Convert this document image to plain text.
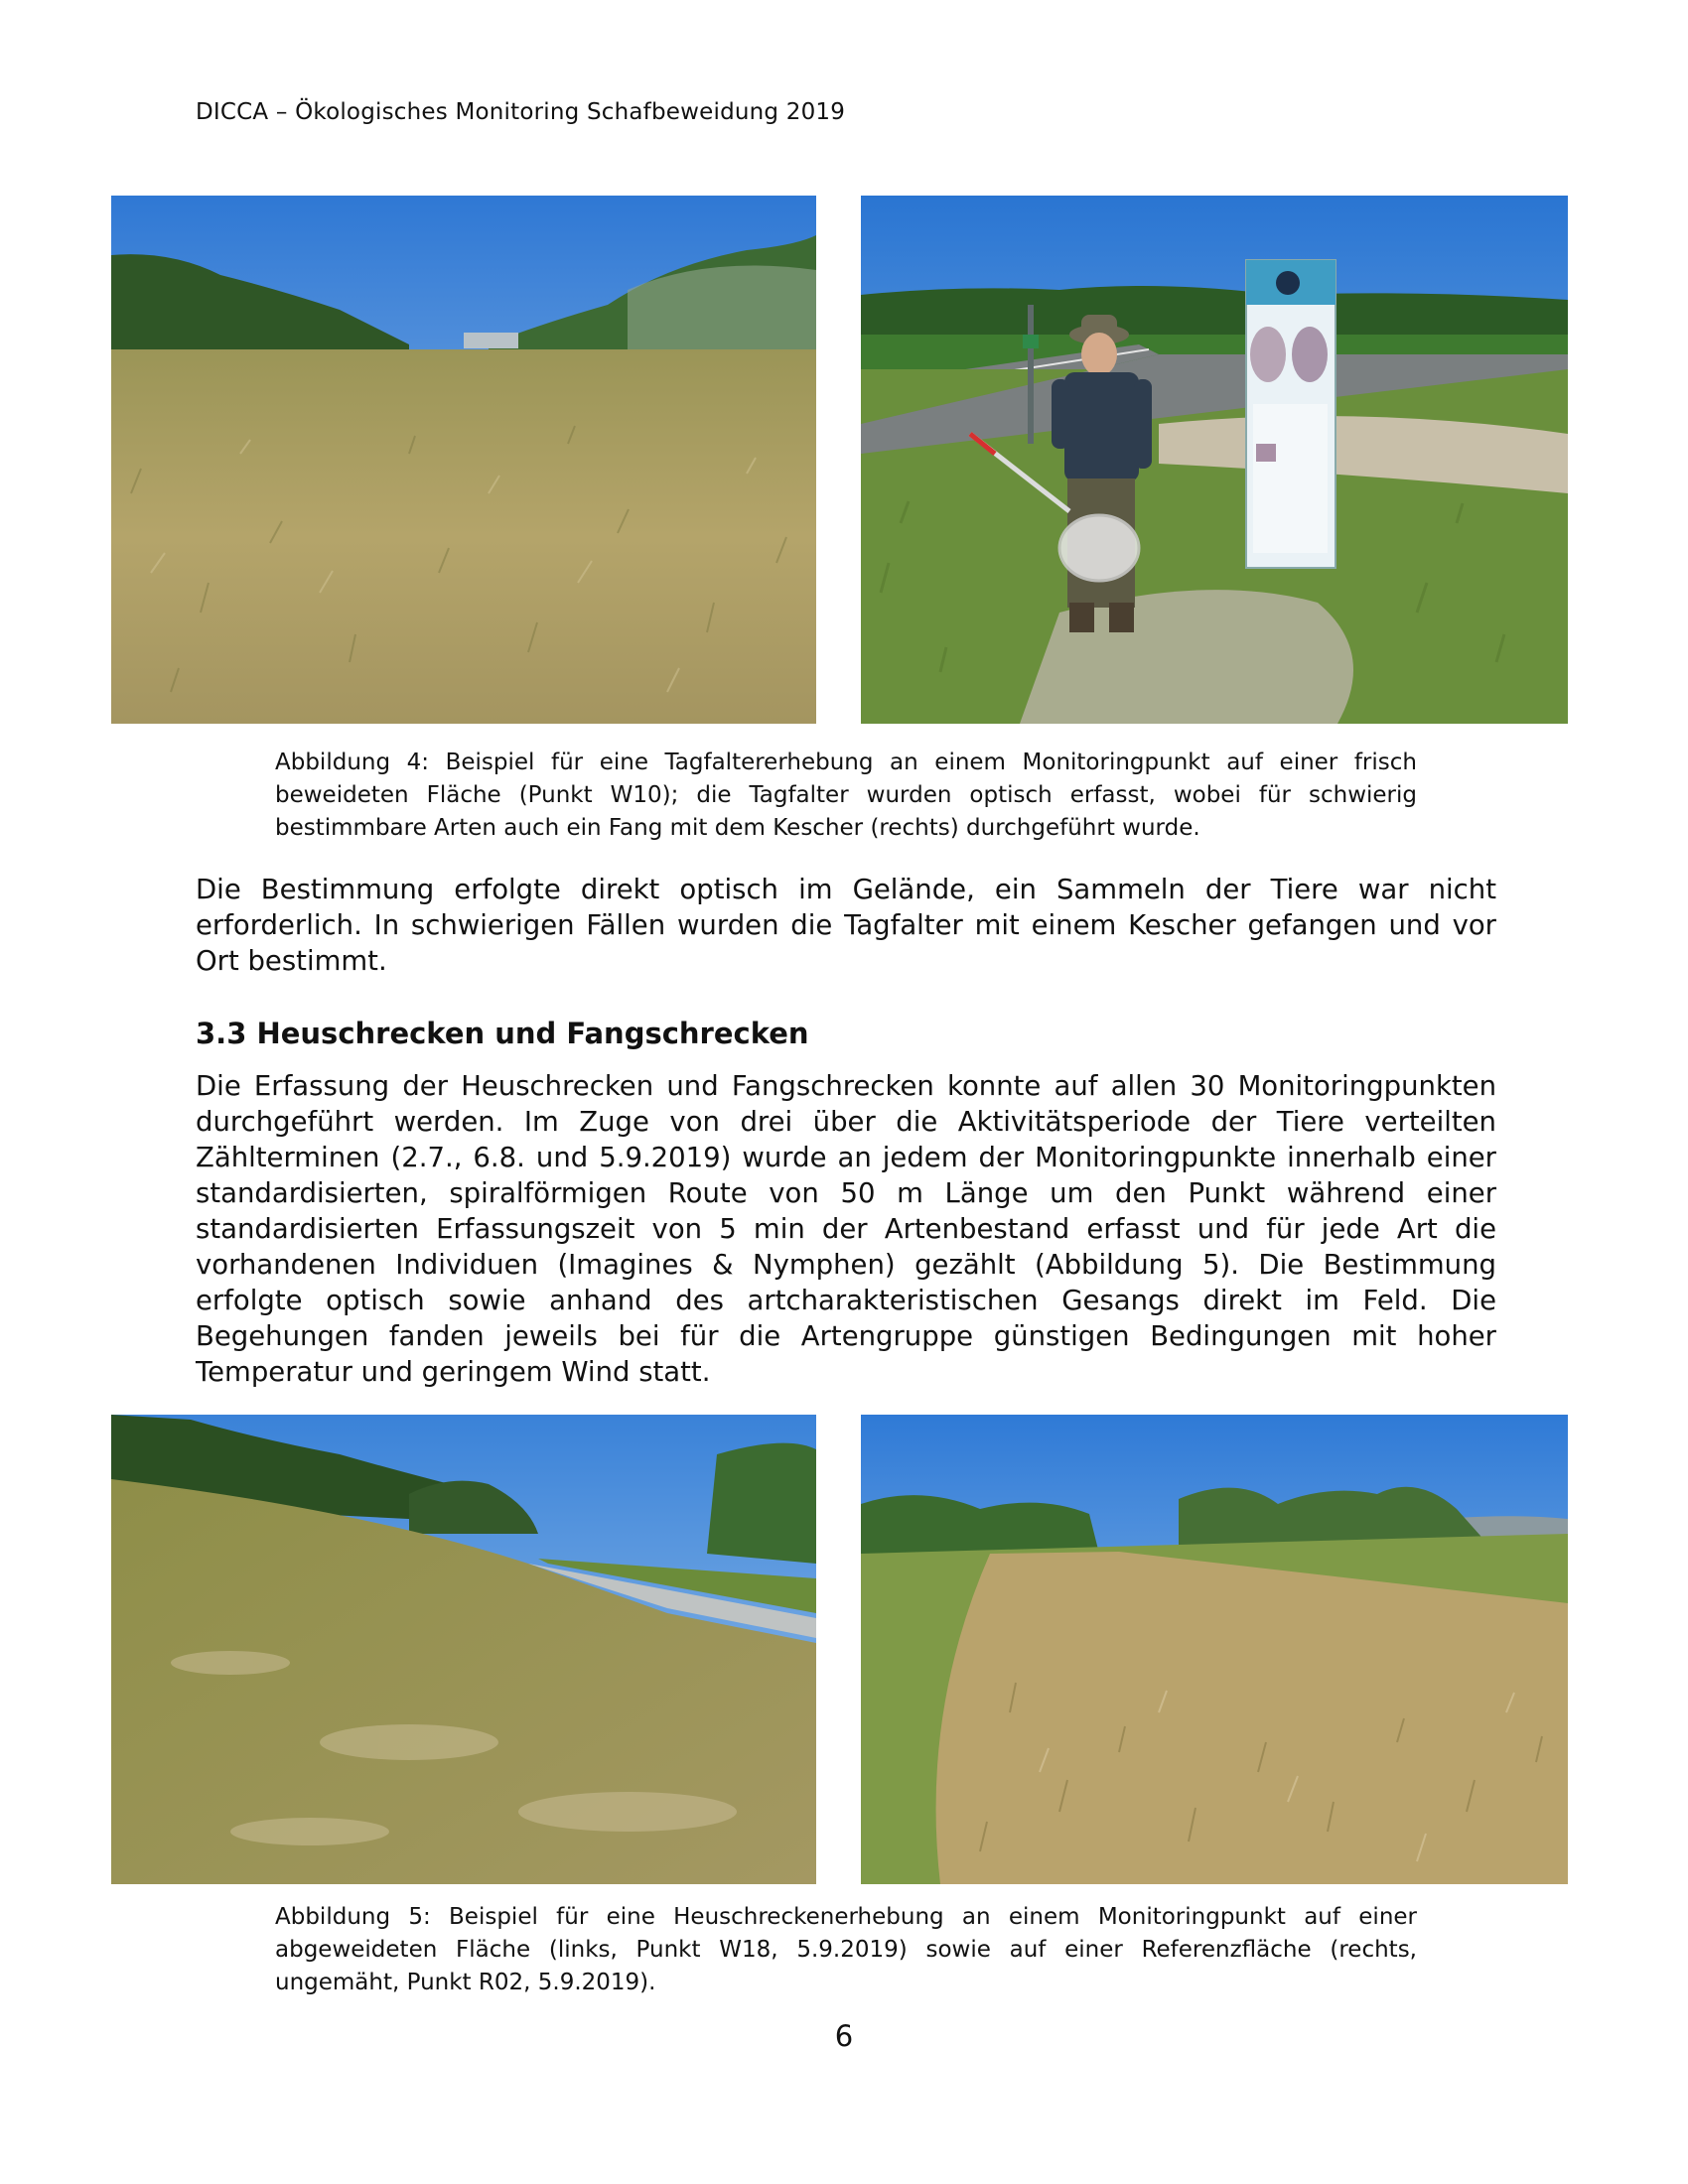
DICCA – Ökologisches Monitoring Schafbeweidung 2019
Abbildung 4: Beispiel für eine Tagfaltererhebung an einem Monitoringpunkt auf einer frisch beweideten Fläche (Punkt W10); die Tagfalter wurden optisch erfasst, wobei für schwierig bestimmbare Arten auch ein Fang mit dem Kescher (rechts) durchgeführt wurde.
Die Bestimmung erfolgte direkt optisch im Gelände, ein Sammeln der Tiere war nicht erforderlich. In schwierigen Fällen wurden die Tagfalter mit einem Kescher gefangen und vor Ort bestimmt.
3.3 Heuschrecken und Fangschrecken
Die Erfassung der Heuschrecken und Fangschrecken konnte auf allen 30 Monitoringpunkten durchgeführt werden. Im Zuge von drei über die Aktivitätsperiode der Tiere verteilten Zählterminen (2.7., 6.8. und 5.9.2019) wurde an jedem der Monitoringpunkte innerhalb einer standardisierten, spiralförmigen Route von 50 m Länge um den Punkt während einer standardisierten Erfassungszeit von 5 min der Artenbestand erfasst und für jede Art die vorhandenen Individuen (Imagines & Nymphen) gezählt (Abbildung 5). Die Bestimmung erfolgte optisch sowie anhand des artcharakteristischen Gesangs direkt im Feld. Die Begehungen fanden jeweils bei für die Artengruppe günstigen Bedingungen mit hoher Temperatur und geringem Wind statt.
Abbildung 5: Beispiel für eine Heuschreckenerhebung an einem Monitoringpunkt auf einer abgeweideten Fläche (links, Punkt W18, 5.9.2019) sowie auf einer Referenzfläche (rechts, ungemäht, Punkt R02, 5.9.2019).
6
